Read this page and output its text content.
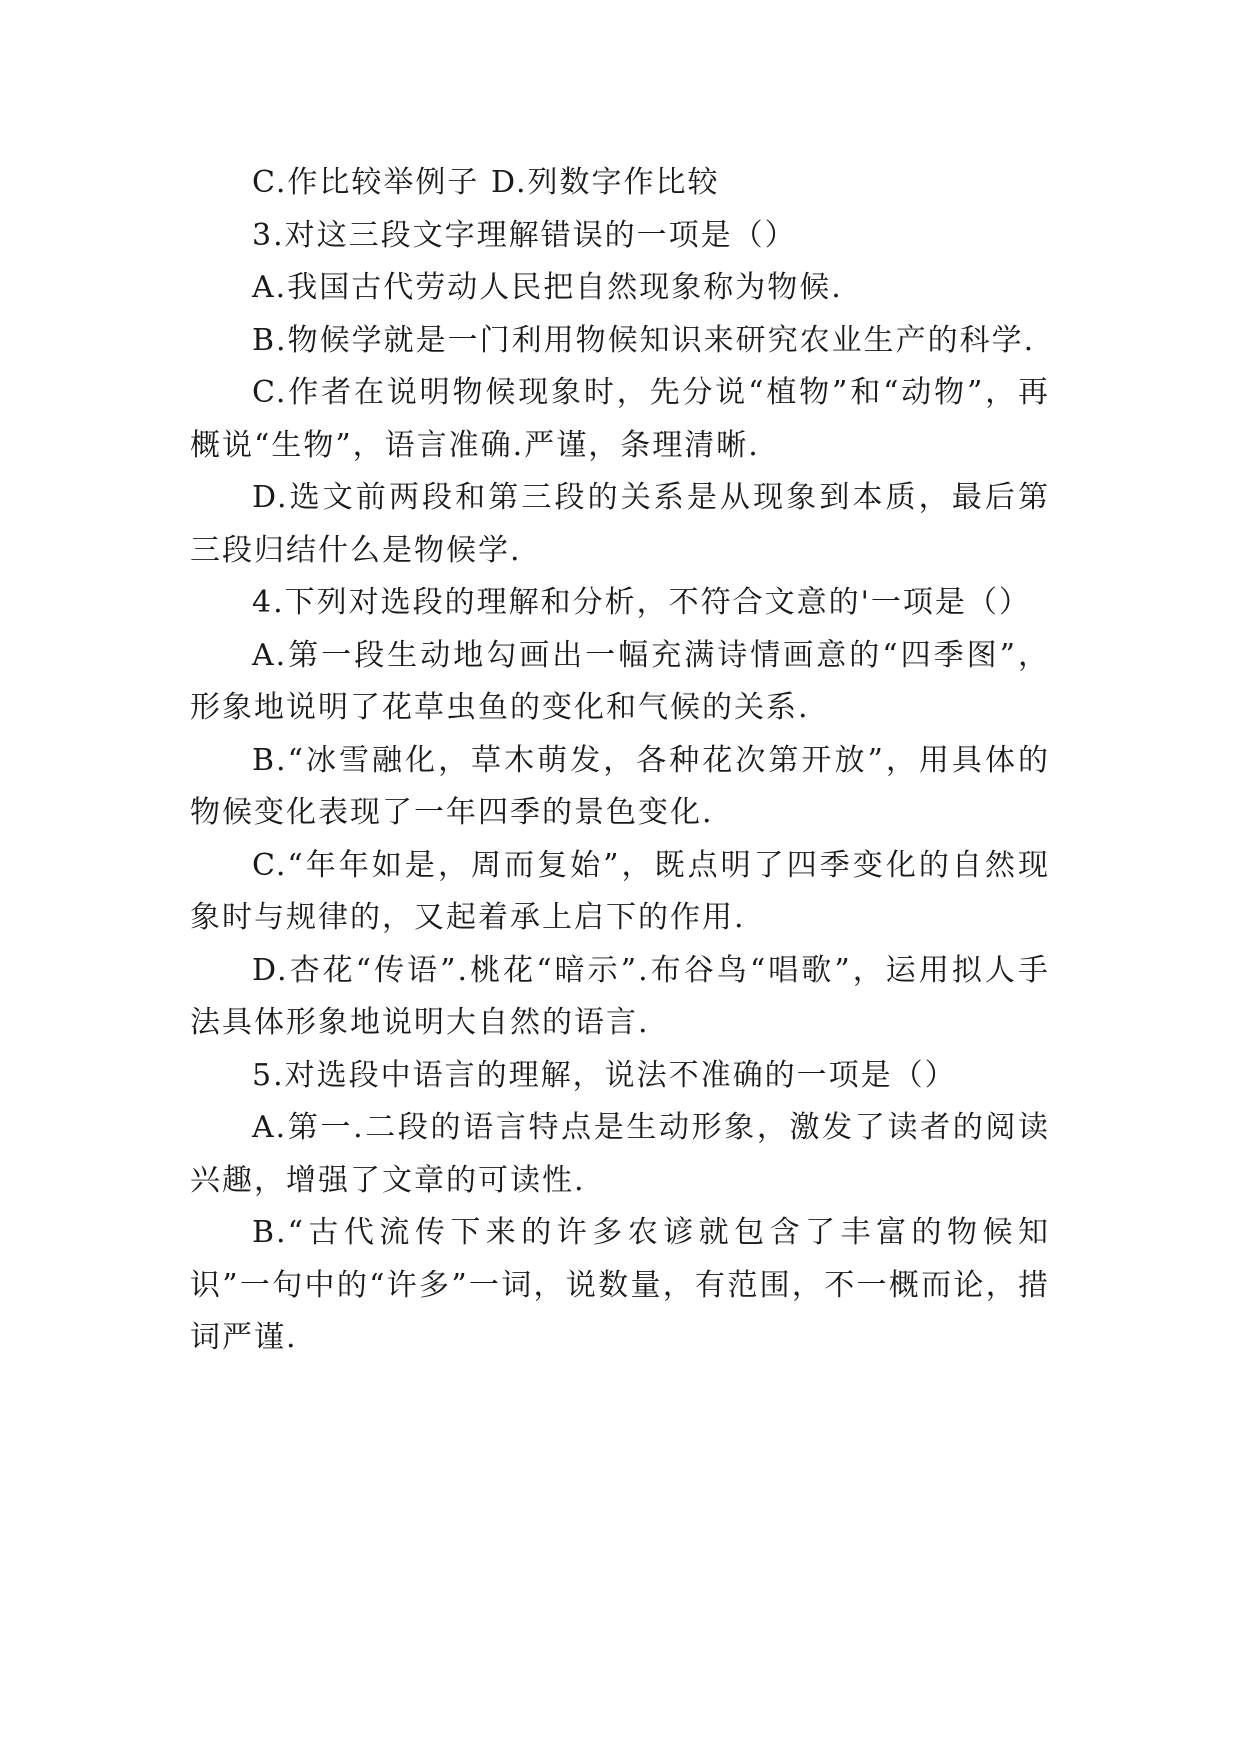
C.作比较举例子 D.列数字作比较

3.对这三段文字理解错误的一项是（）

A.我国古代劳动人民把自然现象称为物候.

B.物候学就是一门利用物候知识来研究农业生产的科学.

C.作者在说明物候现象时，先分说“植物”和“动物”，再概说“生物”，语言准确.严谨，条理清晰.

D.选文前两段和第三段的关系是从现象到本质，最后第三段归结什么是物候学.

4.下列对选段的理解和分析，不符合文意的'一项是（）

A.第一段生动地勾画出一幅充满诗情画意的“四季图”，形象地说明了花草虫鱼的变化和气候的关系.

B.“冰雪融化，草木萌发，各种花次第开放”，用具体的物候变化表现了一年四季的景色变化.

C.“年年如是，周而复始”，既点明了四季变化的自然现象时与规律的，又起着承上启下的作用.

D.杏花“传语”.桃花“暗示”.布谷鸟“唱歌”，运用拟人手法具体形象地说明大自然的语言.

5.对选段中语言的理解，说法不准确的一项是（）

A.第一.二段的语言特点是生动形象，激发了读者的阅读兴趣，增强了文章的可读性.

B.“古代流传下来的许多农谚就包含了丰富的物候知识”一句中的“许多”一词，说数量，有范围，不一概而论，措词严谨.
